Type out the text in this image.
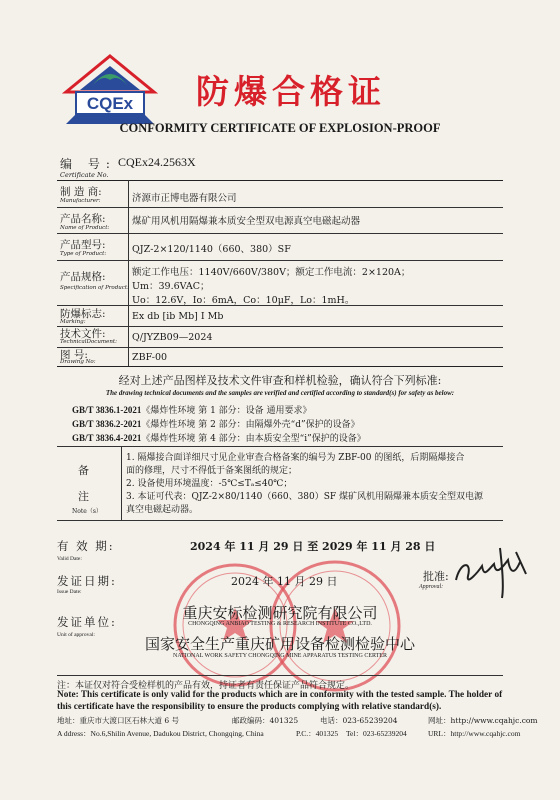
CQEx 防爆合格证
CONFORMITY CERTIFICATE OF EXPLOSION-PROOF
编 号:
Certificate No.
CQEx24.2563X
制 造 商:
Manufacturer:	济源市正博电器有限公司
产品名称:
Name of Product:
煤矿用风机用隔爆兼本质安全型双电源真空电磁起动器
产品型号:
Type of Product:	QJZ-2×120/1140（660、380）SF
产品规格:
Specification of Product:
额定工作电压：1140V/660V/380V；额定工作电流：2×120A；
Um：39.6VAC；
Uo：12.6V，Io：6mA，Co：10μF，Lo：1mH。
防爆标志:
Marking:	Ex db [ib Mb] I Mb
技术文件:
TechnicalDocument: Q/JYZB09—2024
图 号:
Drawing No:	ZBF-00
经对上述产品图样及技术文件审查和样机检验，确认符合下列标准:
The drawing technical documents and the samples are verified and certified according to standard(s) for safety as below:
GB/T 3836.1-2021《爆炸性环境 第 1 部分：设备 通用要求》
GB/T 3836.2-2021《爆炸性环境 第 2 部分：由隔爆外壳“d”保护的设备》
GB/T 3836.4-2021《爆炸性环境 第 4 部分：由本质安全型“i”保护的设备》
备
注
Note（s）
1. 隔爆接合面详细尺寸见企业审查合格备案的编号为 ZBF-00 的图纸，后期隔爆接合
面的修理，尺寸不得低于备案图纸的规定；
2. 设备使用环境温度：-5℃≤Tₐ≤40℃；
3. 本证可代表：QJZ-2×80/1140（660、380）SF 煤矿风机用隔爆兼本质安全型双电源
真空电磁起动器。
有 效 期:
Valid Date:
2024 年 11 月 29 日 至 2029 年 11 月 28 日
发证日期:
Issue Date:
2024 年 11 月 29 日	批准:
Approval:
发证单位:
Unit of approval:
重庆安标检测研究院有限公司
CHONGQING ANBIAO TESTING & RESEARCH INSTITUTE CO.,LTD.
国家安全生产重庆矿用设备检测检验中心
NATIONAL WORK SAFETY CHONGQING MINE APPARATUS TESTING CERTER
注：本证仅对符合受检样机的产品有效，持证者有责任保证产品符合规定。
Note: This certificate is only valid for the products which are in conformity with the tested sample. The holder of
this certificate have the responsibility to ensure the products complying with relative standard(s).
地址：重庆市大渡口区石林大道 6 号	邮政编码：401325	电话：023-65239204	网址：http://www.cqahjc.com
A ddress：No.6,Shilin Avenue, Dadukou District, Chongqing, China	P.C.：401325 Tel：023-65239204	URL：http://www.cqahjc.com
